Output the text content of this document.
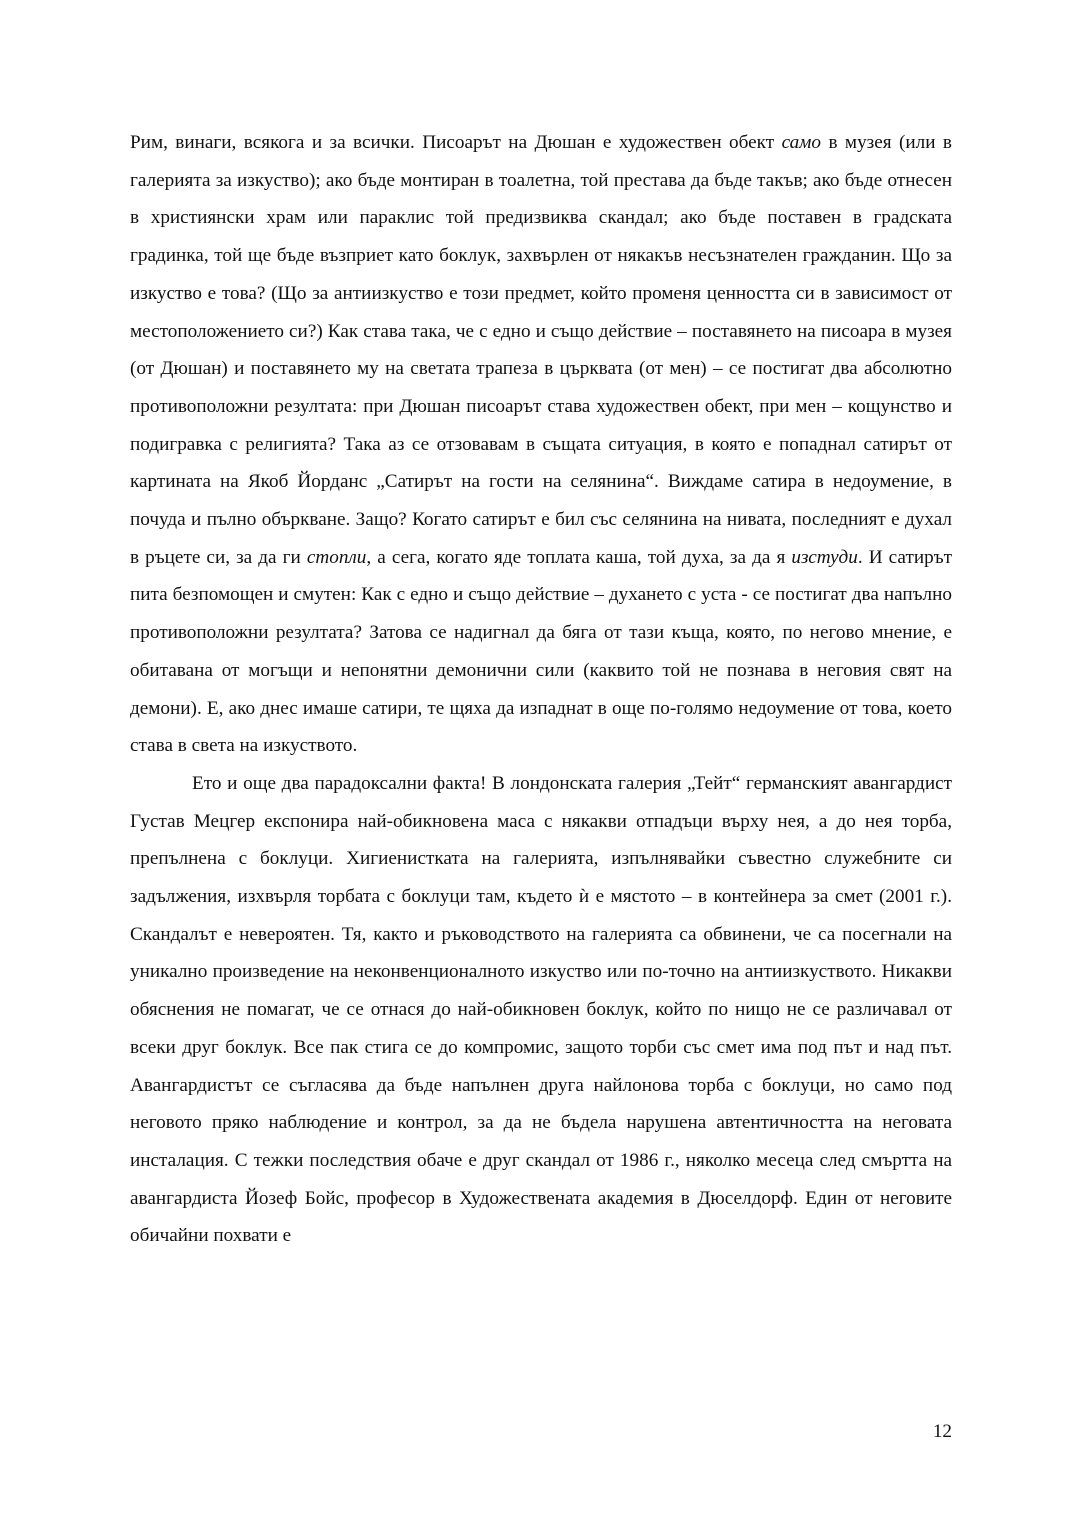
Рим, винаги, всякога и за всички. Писоарът на Дюшан е художествен обект само в музея (или в галерията за изкуство); ако бъде монтиран в тоалетна, той престава да бъде такъв; ако бъде отнесен в християнски храм или параклис той предизвиква скандал; ако бъде поставен в градската градинка, той ще бъде възприет като боклук, захвърлен от някакъв несъзнателен гражданин. Що за изкуство е това? (Що за антиизкуство е този предмет, който променя ценността си в зависимост от местоположението си?) Как става така, че с едно и също действие – поставянето на писоара в музея (от Дюшан) и поставянето му на светата трапеза в църквата (от мен) – се постигат два абсолютно противоположни резултата: при Дюшан писоарът става художествен обект, при мен – кощунство и подигравка с религията? Така аз се отзовавам в същата ситуация, в която е попаднал сатирът от картината на Якоб Йорданс „Сатирът на гости на селянина“. Виждаме сатира в недоумение, в почуда и пълно объркване. Защо? Когато сатирът е бил със селянина на нивата, последният е духал в ръцете си, за да ги стопли, а сега, когато яде топлата каша, той духа, за да я изстуди. И сатирът пита безпомощен и смутен: Как с едно и също действие – духането с уста - се постигат два напълно противоположни резултата? Затова се надигнал да бяга от тази къща, която, по негово мнение, е обитавана от могъщи и непонятни демонични сили (каквито той не познава в неговия свят на демони). Е, ако днес имаше сатири, те щяха да изпаднат в още по-голямо недоумение от това, което става в света на изкуството.

Ето и още два парадоксални факта! В лондонската галерия „Тейт“ германският авангардист Густав Мецгер експонира най-обикновена маса с някакви отпадъци върху нея, а до нея торба, препълнена с боклуци. Хигиенистката на галерията, изпълнявайки съвестно служебните си задължения, изхвърля торбата с боклуци там, където ѝ е мястото – в контейнера за смет (2001 г.). Скандалът е невероятен. Тя, както и ръководството на галерията са обвинени, че са посегнали на уникално произведение на неконвенционалното изкуство или по-точно на антиизкуството. Никакви обяснения не помагат, че се отнася до най-обикновен боклук, който по нищо не се различавал от всеки друг боклук. Все пак стига се до компромис, защото торби със смет има под път и над път. Авангардистът се съгласява да бъде напълнен друга найлонова торба с боклуци, но само под неговото пряко наблюдение и контрол, за да не бъдела нарушена автентичността на неговата инсталация. С тежки последствия обаче е друг скандал от 1986 г., няколко месеца след смъртта на авангардиста Йозеф Бойс, професор в Художествената академия в Дюселдорф. Един от неговите обичайни похвати е

12
